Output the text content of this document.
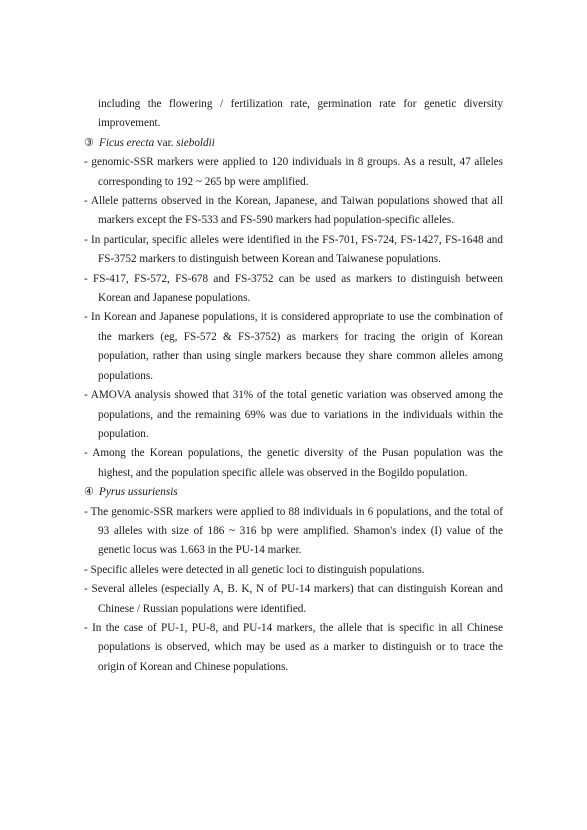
including the flowering / fertilization rate, germination rate for genetic diversity improvement.
③ Ficus erecta var. sieboldii
- genomic-SSR markers were applied to 120 individuals in 8 groups. As a result, 47 alleles corresponding to 192 ~ 265 bp were amplified.
- Allele patterns observed in the Korean, Japanese, and Taiwan populations showed that all markers except the FS-533 and FS-590 markers had population-specific alleles.
- In particular, specific alleles were identified in the FS-701, FS-724, FS-1427, FS-1648 and FS-3752 markers to distinguish between Korean and Taiwanese populations.
- FS-417, FS-572, FS-678 and FS-3752 can be used as markers to distinguish between Korean and Japanese populations.
- In Korean and Japanese populations, it is considered appropriate to use the combination of the markers (eg, FS-572 & FS-3752) as markers for tracing the origin of Korean population, rather than using single markers because they share common alleles among populations.
- AMOVA analysis showed that 31% of the total genetic variation was observed among the populations, and the remaining 69% was due to variations in the individuals within the population.
- Among the Korean populations, the genetic diversity of the Pusan population was the highest, and the population specific allele was observed in the Bogildo population.
④ Pyrus ussuriensis
- The genomic-SSR markers were applied to 88 individuals in 6 populations, and the total of 93 alleles with size of 186 ~ 316 bp were amplified. Shamon's index (I) value of the genetic locus was 1.663 in the PU-14 marker.
- Specific alleles were detected in all genetic loci to distinguish populations.
- Several alleles (especially A, B. K, N of PU-14 markers) that can distinguish Korean and Chinese / Russian populations were identified.
- In the case of PU-1, PU-8, and PU-14 markers, the allele that is specific in all Chinese populations is observed, which may be used as a marker to distinguish or to trace the origin of Korean and Chinese populations.
